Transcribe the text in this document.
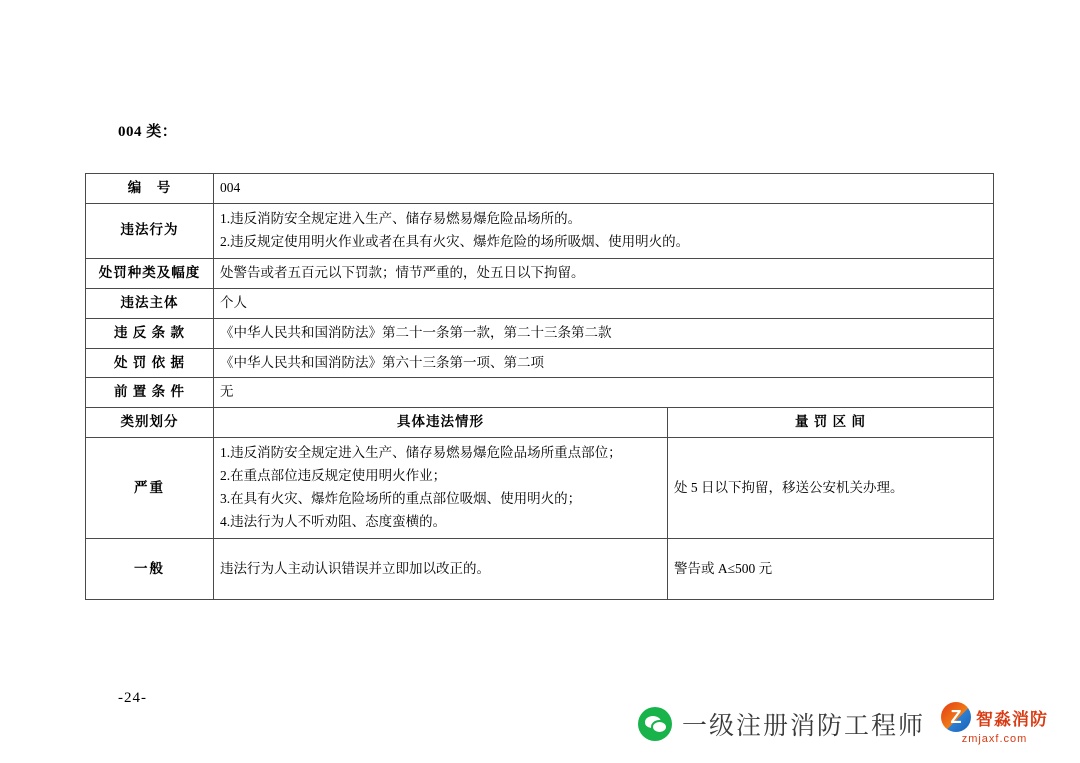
004 类：
编　号	004	
违法行为	1.违反消防安全规定进入生产、储存易燃易爆危险品场所的。

2.违反规定使用明火作业或者在具有火灾、爆炸危险的场所吸烟、使用明火的。	

处罚种类及幅度	处警告或者五百元以下罚款；情节严重的，处五日以下拘留。	
违法主体	个人	
违 反 条 款	《中华人民共和国消防法》第二十一条第一款，第二十三条第二款	
处 罚 依 据	《中华人民共和国消防法》第六十三条第一项、第二项	
前 置 条 件	无	
类别划分	具体违法情形	量 罚 区 间
严重	1.违反消防安全规定进入生产、储存易燃易爆危险品场所重点部位；

2.在重点部位违反规定使用明火作业；

3.在具有火灾、爆炸危险场所的重点部位吸烟、使用明火的；

4.违法行为人不听劝阻、态度蛮横的。	处 5 日以下拘留，移送公安机关办理。
一般	违法行为人主动认识错误并立即加以改正的。	警告或 A≤500 元
-24-
一级注册消防工程师 Z	智淼消防
zmjaxf.com
